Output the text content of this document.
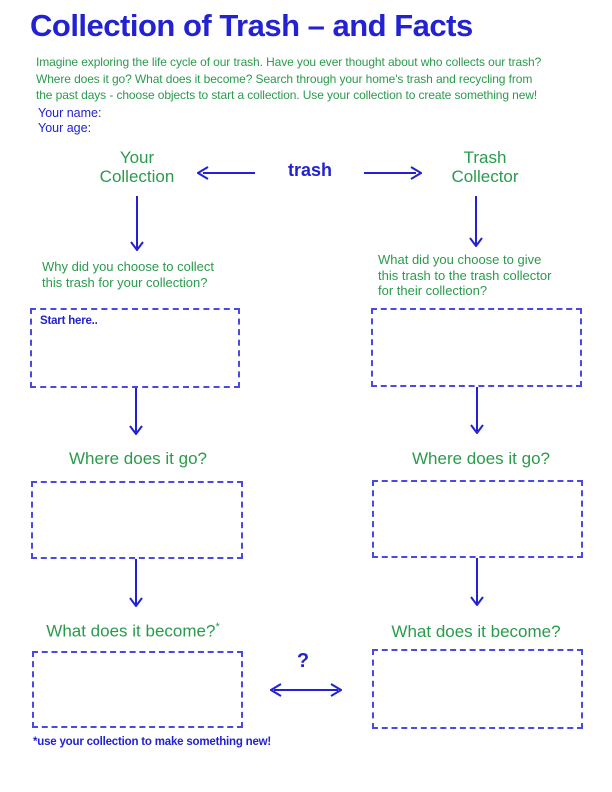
Collection of Trash – and Facts
Imagine exploring the life cycle of our trash. Have you ever thought about who collects our trash?
Where does it go? What does it become? Search through your home's trash and recycling from
the past days - choose objects to start a collection. Use your collection to create something new!
Your name:
Your age:
Your Collection	trash
Trash Collector
Why did you choose to collect
this trash for your collection?
What did you choose to give
this trash to the trash collector
for their collection?
Start here..
Where does it go?	Where does it go?
What does it become?*	What does it become?
?
*use your collection to make something new!
